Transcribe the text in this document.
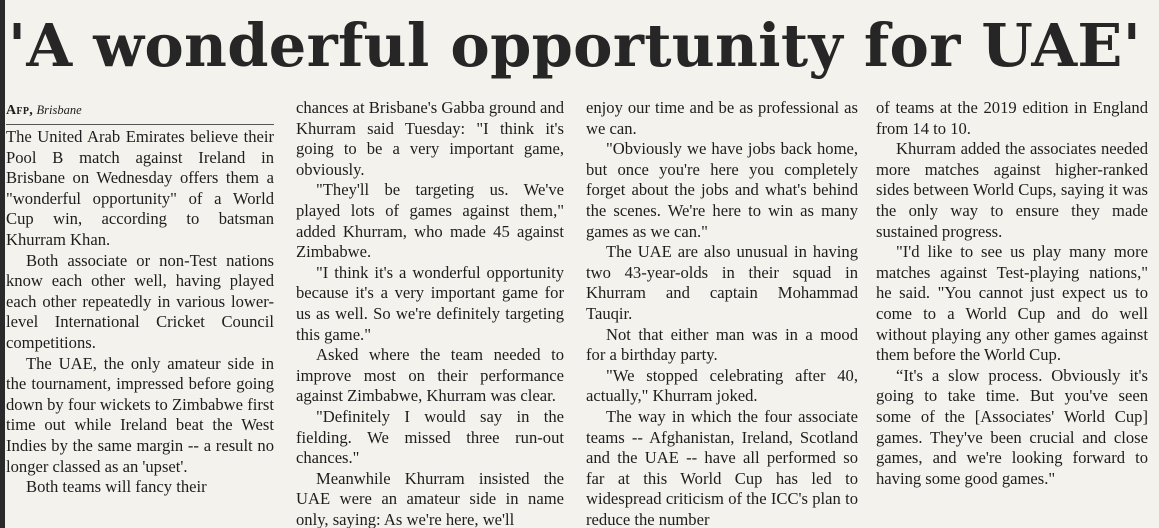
'A wonderful opportunity for UAE'
Afp, Brisbane

The United Arab Emirates believe their Pool B match against Ireland in Brisbane on Wednesday offers them a "wonderful opportunity" of a World Cup win, according to batsman Khurram Khan.

Both associate or non-Test nations know each other well, having played each other repeatedly in various lower-level International Cricket Council competitions.

The UAE, the only amateur side in the tournament, impressed before going down by four wickets to Zimbabwe first time out while Ireland beat the West Indies by the same margin -- a result no longer classed as an 'upset'.

Both teams will fancy their

chances at Brisbane's Gabba ground and Khurram said Tuesday: "I think it's going to be a very important game, obviously.

"They'll be targeting us. We've played lots of games against them," added Khurram, who made 45 against Zimbabwe.

"I think it's a wonderful opportunity because it's a very important game for us as well. So we're definitely targeting this game."

Asked where the team needed to improve most on their performance against Zimbabwe, Khurram was clear.

"Definitely I would say in the fielding. We missed three run-out chances."

Meanwhile Khurram insisted the UAE were an amateur side in name only, saying: As we're here, we'll

enjoy our time and be as professional as we can.

"Obviously we have jobs back home, but once you're here you completely forget about the jobs and what's behind the scenes. We're here to win as many games as we can."

The UAE are also unusual in having two 43-year-olds in their squad in Khurram and captain Mohammad Tauqir.

Not that either man was in a mood for a birthday party.

"We stopped celebrating after 40, actually," Khurram joked.

The way in which the four associate teams -- Afghanistan, Ireland, Scotland and the UAE -- have all performed so far at this World Cup has led to widespread criticism of the ICC's plan to reduce the number

of teams at the 2019 edition in England from 14 to 10.

Khurram added the associates needed more matches against higher-ranked sides between World Cups, saying it was the only way to ensure they made sustained progress.

"I'd like to see us play many more matches against Test-playing nations," he said. "You cannot just expect us to come to a World Cup and do well without playing any other games against them before the World Cup.

“It's a slow process. Obviously it's going to take time. But you've seen some of the [Associates' World Cup] games. They've been crucial and close games, and we're looking forward to having some good games."
